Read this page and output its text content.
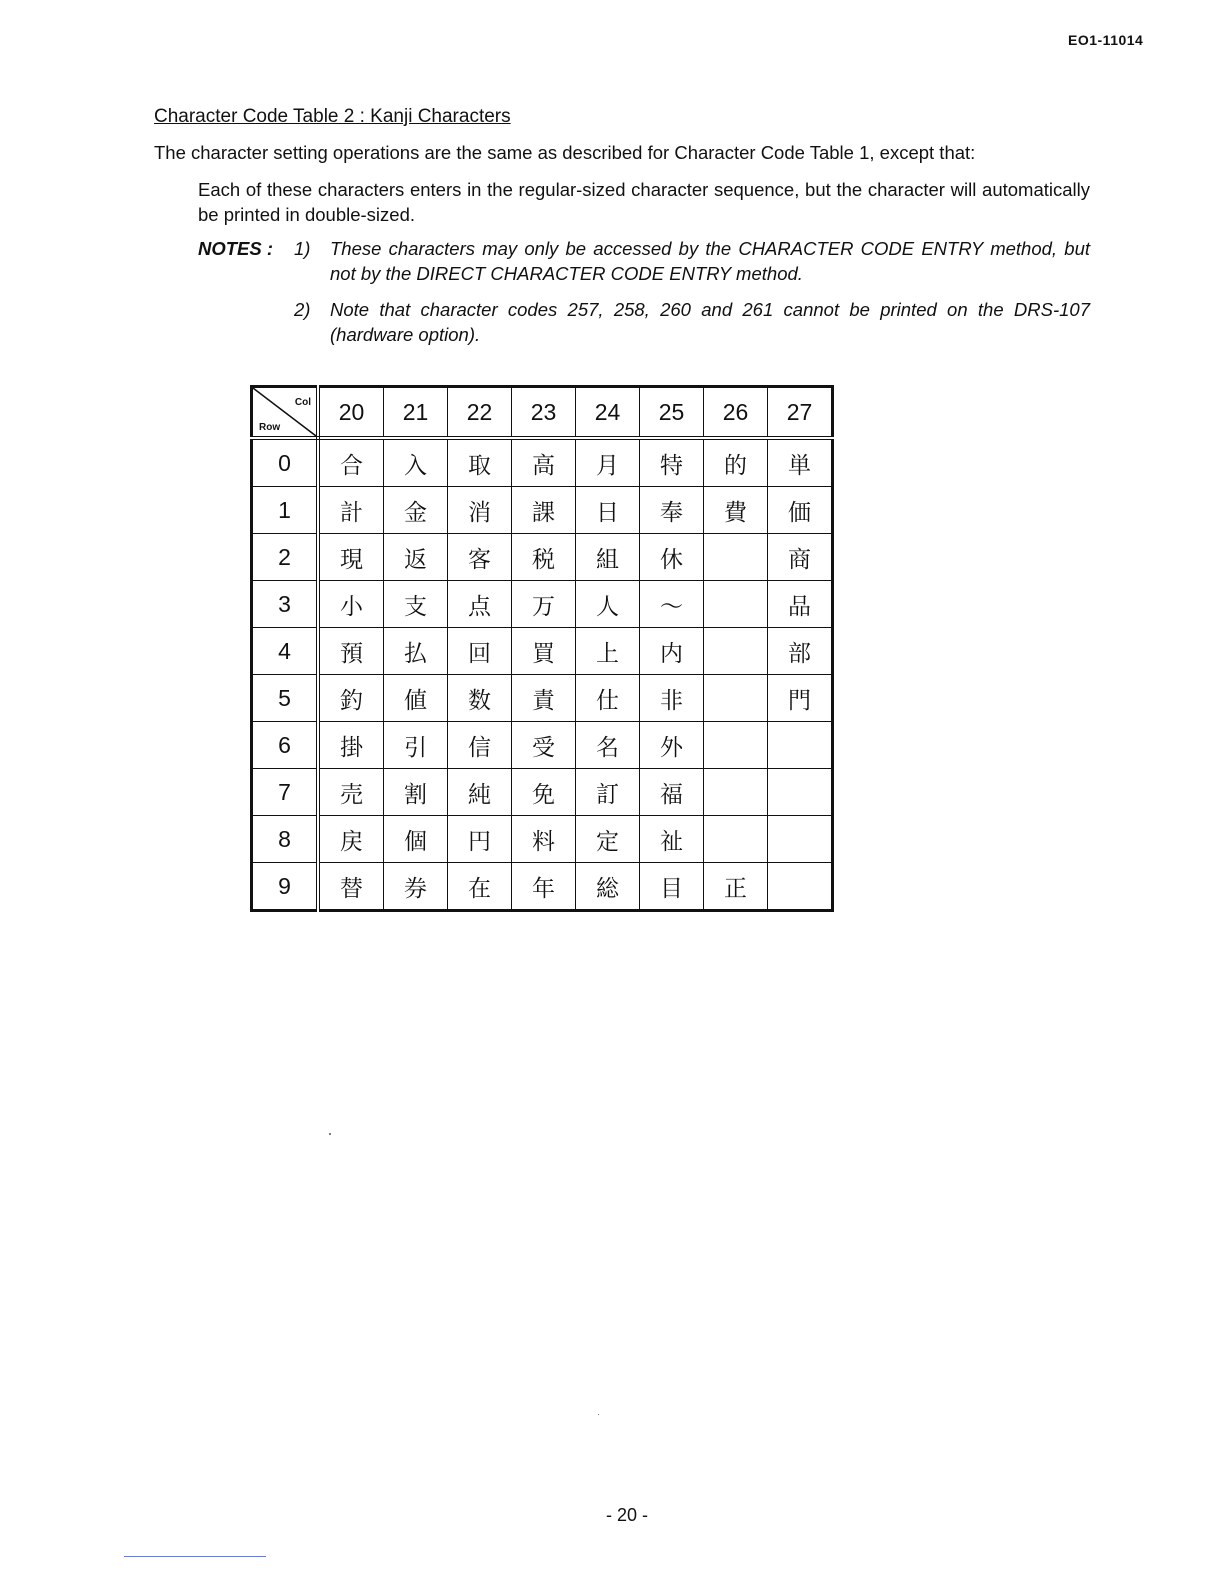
EO1-11014
Character Code Table 2 : Kanji Characters
The character setting operations are the same as described for Character Code Table 1, except that:
Each of these characters enters in the regular-sized character sequence, but the character will automatically be printed in double-sized.
NOTES : 1) These characters may only be accessed by the CHARACTER CODE ENTRY method, but not by the DIRECT CHARACTER CODE ENTRY method.
2) Note that character codes 257, 258, 260 and 261 cannot be printed on the DRS-107 (hardware option).
Col
Row	20	21	22	23	24	25	26	27
0	合	入	取	高	月	特	的	単
1	計	金	消	課	日	奉	費	価
2	現	返	客	税	組	休		商
3	小	支	点	万	人	～		品
4	預	払	回	買	上	内		部
5	釣	値	数	責	仕	非		門
6	掛	引	信	受	名	外		
7	売	割	純	免	訂	福		
8	戻	個	円	料	定	祉		
9	替	券	在	年	総	目	正	
- 20 -
